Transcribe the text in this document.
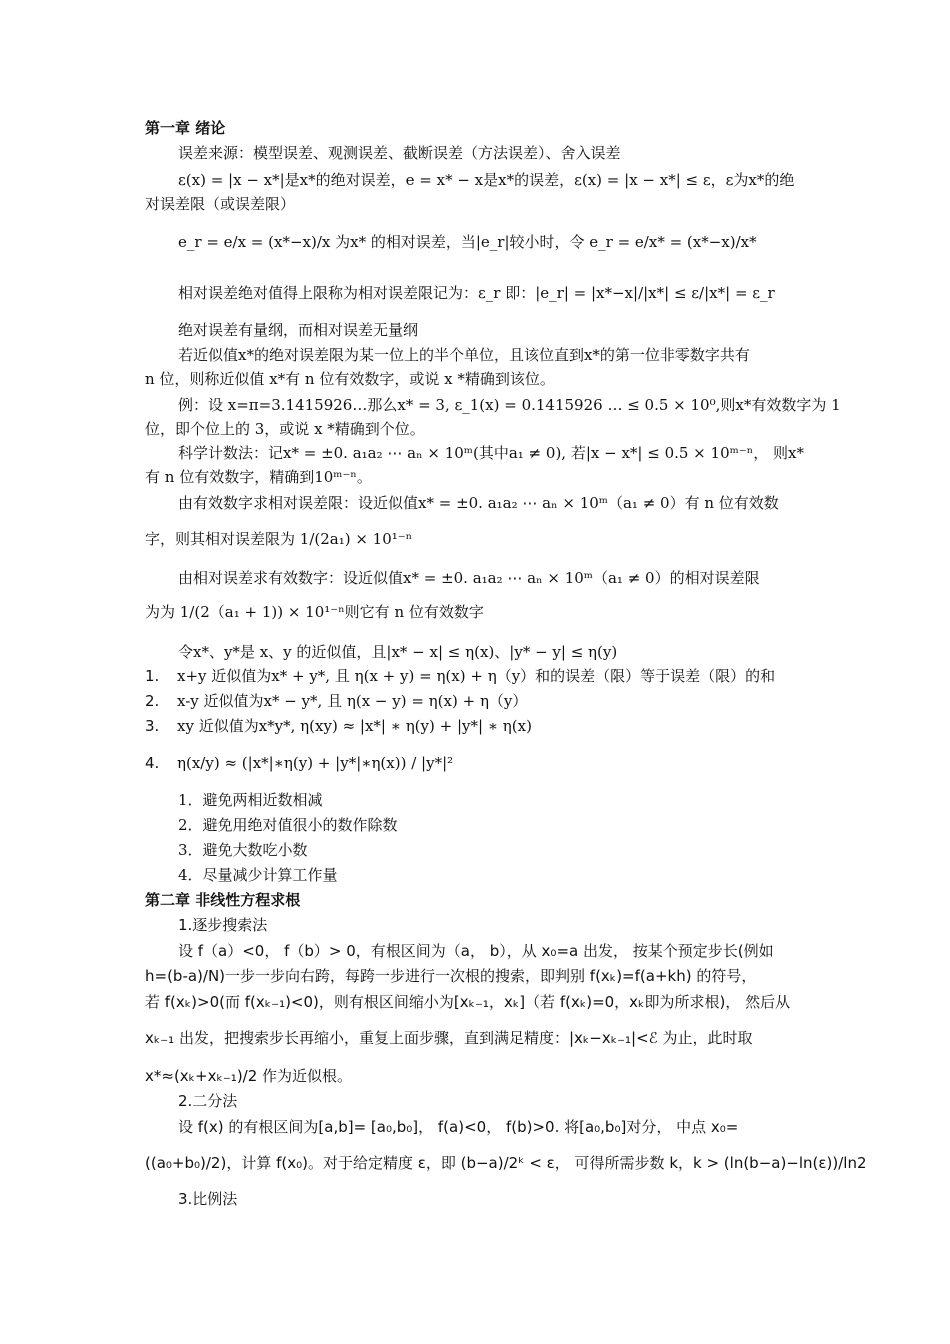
第一章 绪论
误差来源：模型误差、观测误差、截断误差（方法误差）、舍入误差
ε(x) = |x − x*|是x*的绝对误差，e = x* − x是x*的误差，ε(x) = |x − x*| ≤ ε，ε为x*的绝
对误差限（或误差限）
e_r = e/x = (x*−x)/x 为x* 的相对误差，当|e_r|较小时，令 e_r = e/x* = (x*−x)/x*
相对误差绝对值得上限称为相对误差限记为：ε_r 即：|e_r| = |x*−x|/|x*| ≤ ε/|x*| = ε_r
绝对误差有量纲，而相对误差无量纲
若近似值x*的绝对误差限为某一位上的半个单位，且该位直到x*的第一位非零数字共有
n 位，则称近似值 x*有 n 位有效数字，或说 x *精确到该位。
例：设 x=π=3.1415926…那么x* = 3, ε_1(x) = 0.1415926 … ≤ 0.5 × 10⁰,则x*有效数字为 1
位，即个位上的 3，或说 x *精确到个位。
科学计数法：记x* = ±0. a₁a₂ ⋯ aₙ × 10ᵐ(其中a₁ ≠ 0), 若|x − x*| ≤ 0.5 × 10ᵐ⁻ⁿ， 则x*
有 n 位有效数字，精确到10ᵐ⁻ⁿ。
由有效数字求相对误差限：设近似值x* = ±0. a₁a₂ ⋯ aₙ × 10ᵐ（a₁ ≠ 0）有 n 位有效数
字，则其相对误差限为 1/(2a₁) × 10¹⁻ⁿ
由相对误差求有效数字：设近似值x* = ±0. a₁a₂ ⋯ aₙ × 10ᵐ（a₁ ≠ 0）的相对误差限
为为 1/(2（a₁ + 1)) × 10¹⁻ⁿ则它有 n 位有效数字
令x*、y*是 x、y 的近似值，且|x* − x| ≤ η(x)、|y* − y| ≤ η(y)
1. x+y 近似值为x* + y*, 且 η(x + y) = η(x) + η（y）和的误差（限）等于误差（限）的和
2. x-y 近似值为x* − y*, 且 η(x − y) = η(x) + η（y）
3. xy 近似值为x*y*, η(xy) ≈ |x*| ∗ η(y) + |y*| ∗ η(x)
4. η(x/y) ≈ (|x*|∗η(y) + |y*|∗η(x)) / |y*|²
1．避免两相近数相减
2．避免用绝对值很小的数作除数
3．避免大数吃小数
4．尽量减少计算工作量
第二章 非线性方程求根
1.逐步搜索法
设 f（a）<0， f（b）> 0，有根区间为（a， b），从 x₀=a 出发， 按某个预定步长(例如
h=(b-a)/N)一步一步向右跨，每跨一步进行一次根的搜索，即判别 f(xₖ)=f(a+kh) 的符号，
若 f(xₖ)>0(而 f(xₖ₋₁)<0)，则有根区间缩小为[xₖ₋₁，xₖ]（若 f(xₖ)=0，xₖ即为所求根)， 然后从
xₖ₋₁ 出发，把搜索步长再缩小，重复上面步骤，直到满足精度：|xₖ−xₖ₋₁|<ℰ 为止，此时取
x*≈(xₖ+xₖ₋₁)/2 作为近似根。
2.二分法
设 f(x) 的有根区间为[a,b]= [a₀,b₀]， f(a)<0， f(b)>0. 将[a₀,b₀]对分， 中点 x₀=
((a₀+b₀)/2)，计算 f(x₀)。对于给定精度 ε，即 (b−a)/2ᵏ < ε， 可得所需步数 k，k > (ln(b−a)−ln(ε))/ln2
3.比例法
